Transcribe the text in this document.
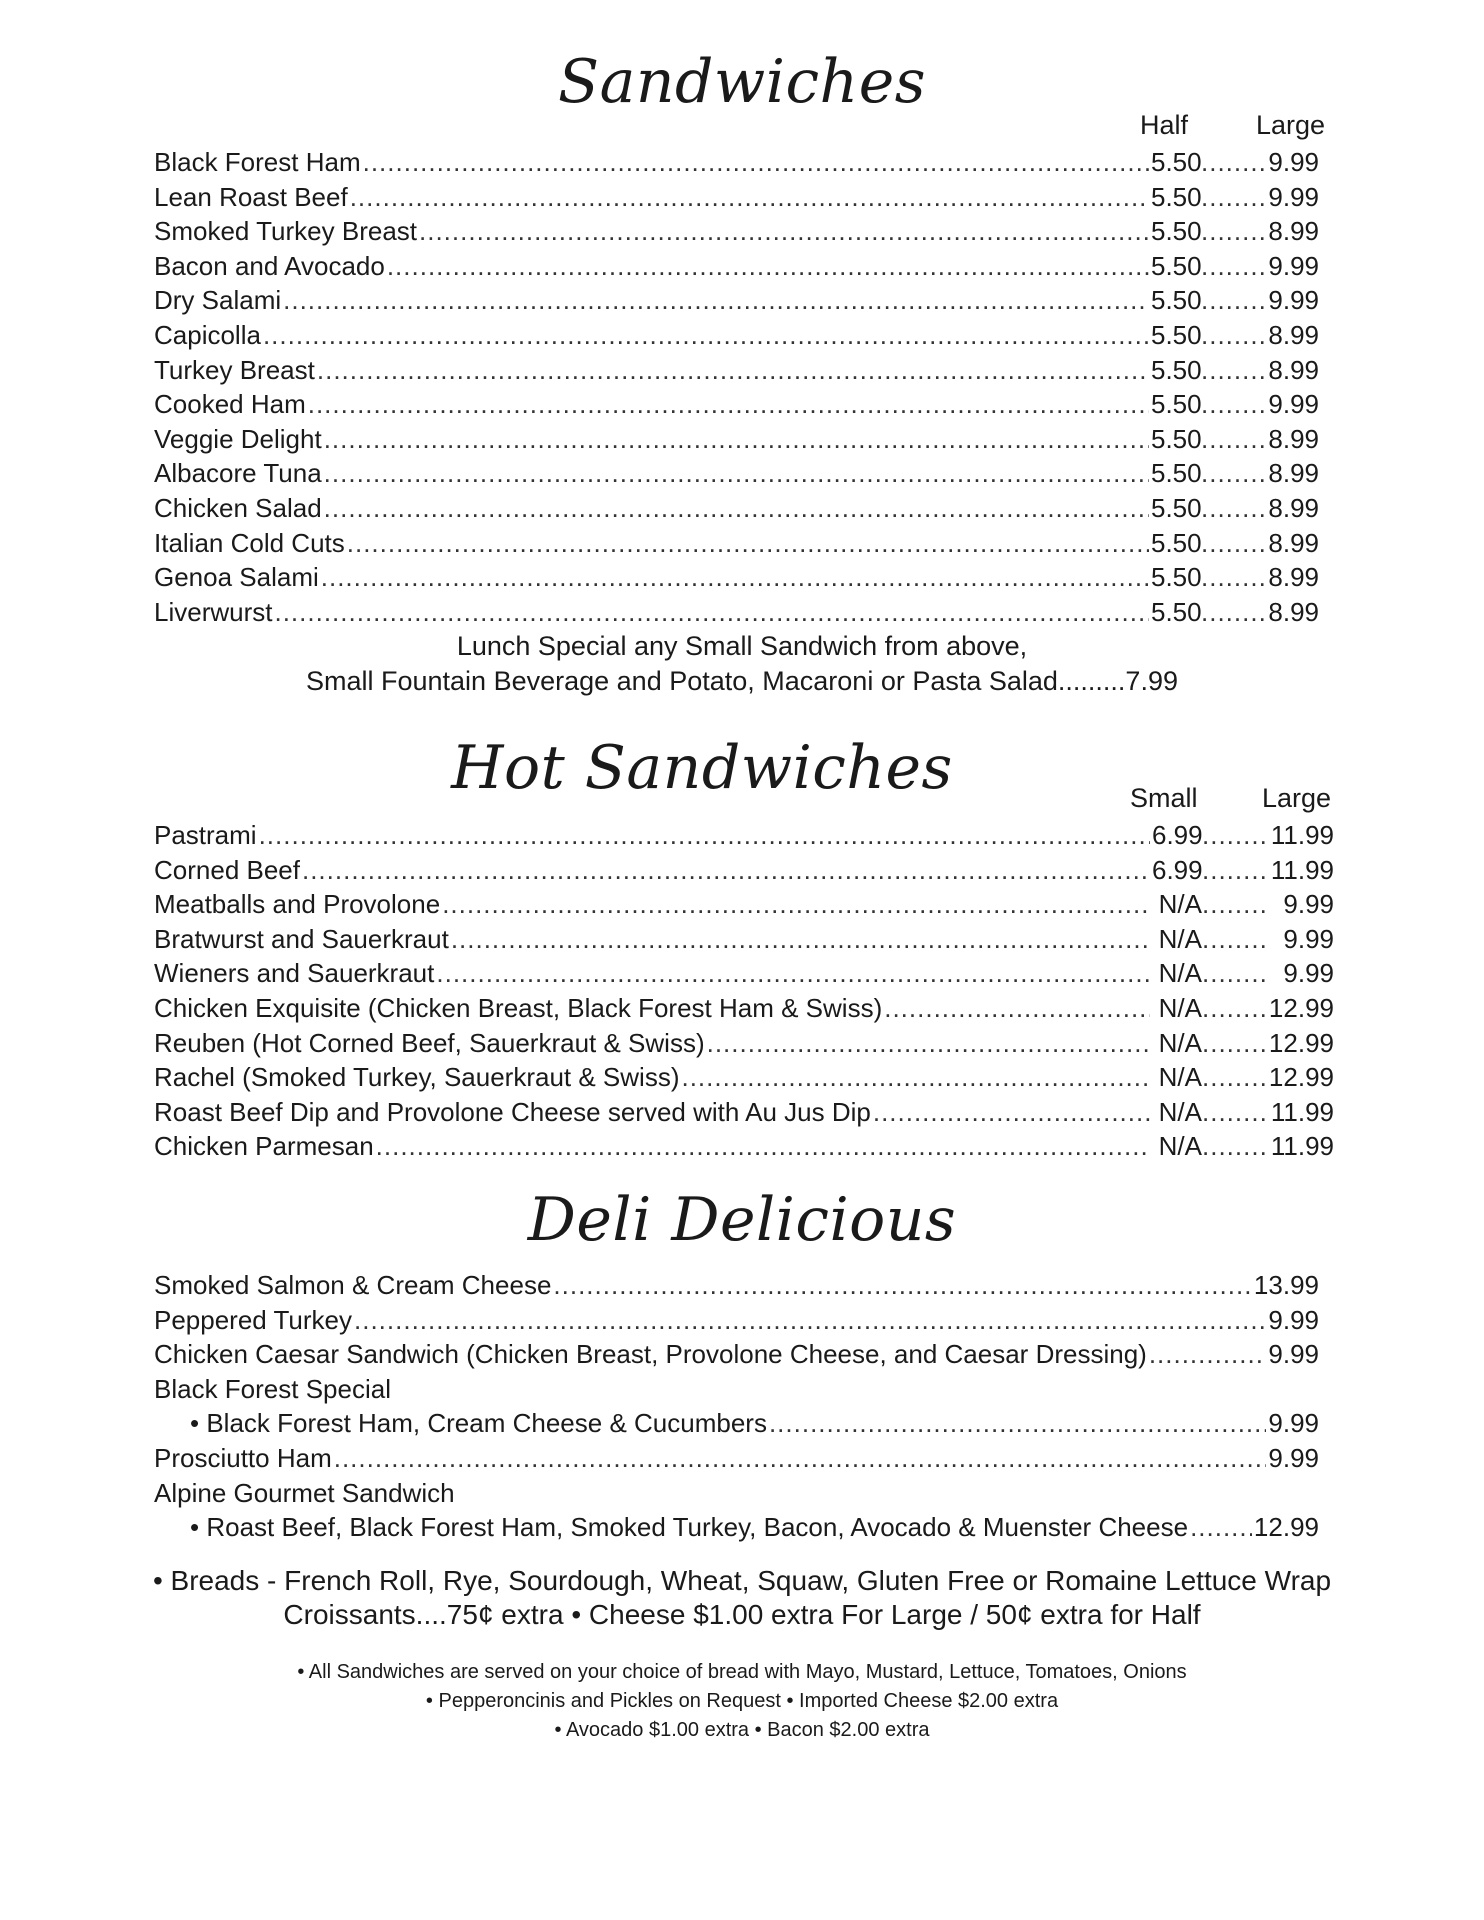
Sandwiches
Half	Large
Black Forest Ham .....	5.50 .....	9.99
Lean Roast Beef .....	5.50 .....	9.99
Smoked Turkey Breast .....	5.50 .....	8.99
Bacon and Avocado .....	5.50 .....	9.99
Dry Salami .....	5.50 .....	9.99
Capicolla .....	5.50 .....	8.99
Turkey Breast .....	5.50 .....	8.99
Cooked Ham .....	5.50 .....	9.99
Veggie Delight .....	5.50 .....	8.99
Albacore Tuna .....	5.50 .....	8.99
Chicken Salad .....	5.50 .....	8.99
Italian Cold Cuts .....	5.50 .....	8.99
Genoa Salami .....	5.50 .....	8.99
Liverwurst .....	5.50 .....	8.99

Lunch Special any Small Sandwich from above,

Small Fountain Beverage and Potato, Macaroni or Pasta Salad.........7.99

Hot Sandwiches	Small Large
Pastrami .....	6.99 .....	11.99
Corned Beef .....	6.99 .....	11.99
Meatballs and Provolone .....	N/A .....	9.99
Bratwurst and Sauerkraut .....	N/A .....	9.99
Wieners and Sauerkraut .....	N/A .....	9.99
Chicken Exquisite (Chicken Breast, Black Forest Ham & Swiss) .....	N/A .....	12.99
Reuben (Hot Corned Beef, Sauerkraut & Swiss) .....	N/A .....	12.99
Rachel (Smoked Turkey, Sauerkraut & Swiss) .....	N/A .....	12.99
Roast Beef Dip and Provolone Cheese served with Au Jus Dip .....	N/A .....	11.99
Chicken Parmesan .....	N/A .....	11.99
Deli Delicious
Smoked Salmon & Cream Cheese .....	13.99
Peppered Turkey .....	9.99
Chicken Caesar Sandwich (Chicken Breast, Provolone Cheese, and Caesar Dressing) .....	9.99
Black Forest Special
• Black Forest Ham, Cream Cheese & Cucumbers .....	9.99
Prosciutto Ham .....	9.99
Alpine Gourmet Sandwich
• Roast Beef, Black Forest Ham, Smoked Turkey, Bacon, Avocado & Muenster Cheese .....	12.99

• Breads - French Roll, Rye, Sourdough, Wheat, Squaw, Gluten Free or Romaine Lettuce Wrap

Croissants....75¢ extra • Cheese $1.00 extra For Large / 50¢ extra for Half

• All Sandwiches are served on your choice of bread with Mayo, Mustard, Lettuce, Tomatoes, Onions

• Pepperoncinis and Pickles on Request • Imported Cheese $2.00 extra

• Avocado $1.00 extra • Bacon $2.00 extra
